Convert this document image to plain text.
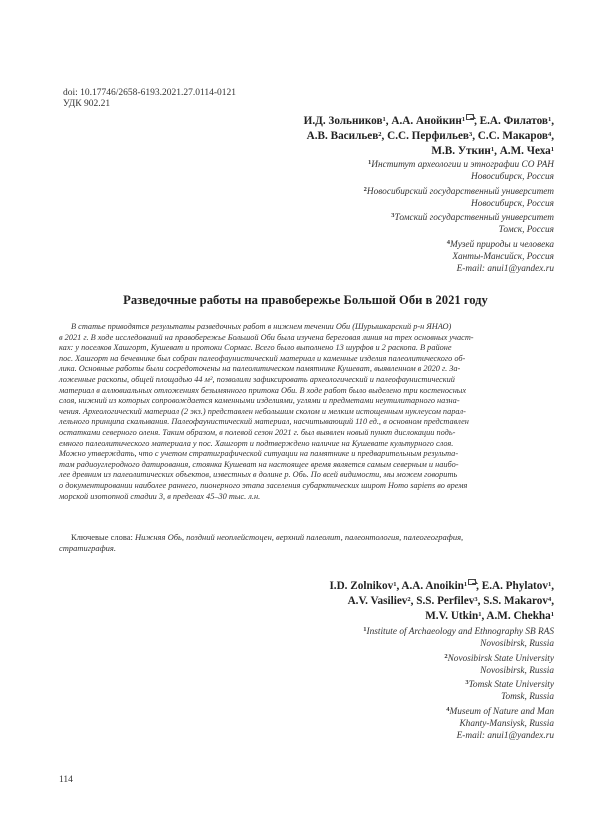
doi: 10.17746/2658-6193.2021.27.0114-0121
УДК 902.21
И.Д. Зольников$^1$, А.А. Анойкин$^1$ , Е.А. Филатов$^1$,
А.В. Васильев$^2$, С.С. Перфильев$^3$, С.С. Макаров$^4$,
М.В. Уткин$^1$, А.М. Чеха$^1$
$^1$Институт археологии и этнографии СО РАН
Новосибирск, Россия
$^2$Новосибирский государственный университет
Новосибирск, Россия
$^3$Томский государственный университет
Томск, Россия
$^4$Музей природы и человека
Ханты-Мансийск, Россия
E-mail: anui1@yandex.ru
Разведочные работы на правобережье Большой Оби в 2021 году
В статье приводятся результаты разведочных работ в нижнем течении Оби (Шурышкарский р-н ЯНАО)
в 2021 г. В ходе исследований на правобережье Большой Оби была изучена береговая линия на трех основных участ-
ках: у поселков Хашгорт, Кушеват и протоки Сормас. Всего было выполнено 13 шурфов и 2 раскопа. В районе
пос. Хашгорт на бечевнике был собран палеофаунистический материал и каменные изделия палеолитического об-
лика. Основные работы были сосредоточены на палеолитическом памятнике Кушеват, выявленном в 2020 г. За-
ложенные раскопы, общей площадью 44 м², позволили зафиксировать археологический и палеофаунистический
материал в аллювиальных отложениях безымянного притока Оби. В ходе работ было выделено три костеносных
слоя, нижний из которых сопровождается каменными изделиями, углями и предметами неутилитарного назна-
чения. Археологический материал (2 экз.) представлен небольшим сколом и мелким истощенным нуклеусом парал-
лельного принципа скалывания. Палеофаунистический материал, насчитывающий 110 ед., в основном представлен
остатками северного оленя. Таким образом, в полевой сезон 2021 г. был выявлен новый пункт дислокации подь-
емного палеолитического материала у пос. Хашгорт и подтверждено наличие на Кушевате культурного слоя.
Можно утверждать, что с учетом стратиграфической ситуации на памятнике и предварительным результа-
там радиоуглеродного датирования, стоянка Кушеват на настоящее время является самым северным и наибо-
лее древним из палеолитических объектов, известных в долине р. Обь. По всей видимости, мы можем говорить
о документировании наиболее раннего, пионерного этапа заселения субарктических широт Homo sapiens во время
морской изотопной стадии 3, в пределах 45–30 тыс. л.н.
Ключевые слова: Нижняя Обь, поздний неоплейстоцен, верхний палеолит, палеонтология, палеогеография,
стратиграфия.
I.D. Zolnikov$^1$, A.A. Anoikin$^1$ , E.A. Phylatov$^1$,
A.V. Vasiliev$^2$, S.S. Perfilev$^3$, S.S. Makarov$^4$,
M.V. Utkin$^1$, A.M. Chekha$^1$
$^1$Institute of Archaeology and Ethnography SB RAS
Novosibirsk, Russia
$^2$Novosibirsk State University
Novosibirsk, Russia
$^3$Tomsk State University
Tomsk, Russia
$^4$Museum of Nature and Man
Khanty-Mansiysk, Russia
E-mail: anui1@yandex.ru
114
